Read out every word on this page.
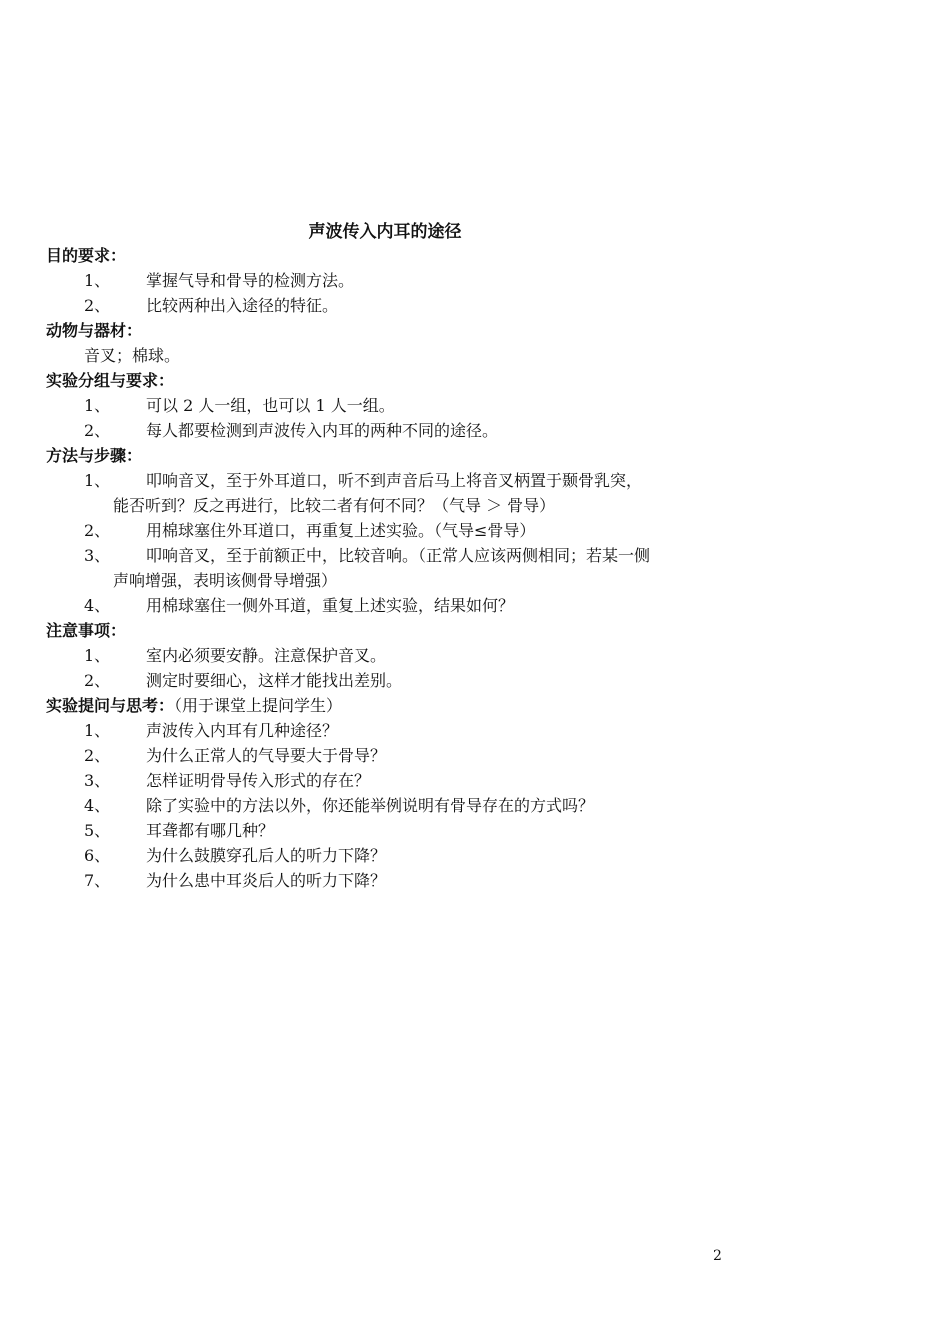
声波传入内耳的途径
目的要求：
1、	掌握气导和骨导的检测方法。
2、	比较两种出入途径的特征。
动物与器材：
音叉；棉球。
实验分组与要求：
1、	可以 2 人一组，也可以 1 人一组。
2、	每人都要检测到声波传入内耳的两种不同的途径。
方法与步骤：
1、	叩响音叉，至于外耳道口，听不到声音后马上将音叉柄置于颞骨乳突，
能否听到？反之再进行，比较二者有何不同？（气导 ＞ 骨导）
2、	用棉球塞住外耳道口，再重复上述实验。（气导≤骨导）
3、	叩响音叉，至于前额正中，比较音响。（正常人应该两侧相同；若某一侧
声响增强，表明该侧骨导增强）
4、	用棉球塞住一侧外耳道，重复上述实验，结果如何？
注意事项：
1、	室内必须要安静。注意保护音叉。
2、	测定时要细心，这样才能找出差别。
实验提问与思考：（用于课堂上提问学生）
1、	声波传入内耳有几种途径？
2、	为什么正常人的气导要大于骨导？
3、	怎样证明骨导传入形式的存在？
4、	除了实验中的方法以外，你还能举例说明有骨导存在的方式吗？
5、	耳聋都有哪几种？
6、	为什么鼓膜穿孔后人的听力下降？
7、	为什么患中耳炎后人的听力下降？
2
